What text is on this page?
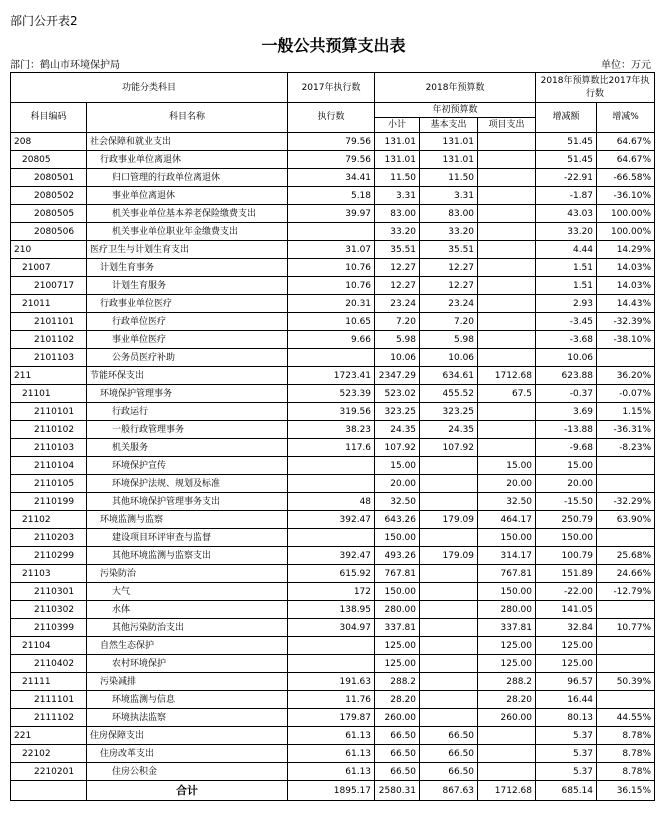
部门公开表2
一般公共预算支出表
部门：鹤山市环境保护局	单位：万元
功能分类科目		2017年执行数	2018年预算数			2018年预算数比2017年执行数	
科目编码	科目名称	执行数	年初预算数			增减额	增减%
			小计	基本支出	项目支出		
208	社会保障和就业支出	79.56	131.01	131.01		51.45	64.67%
20805	行政事业单位离退休	79.56	131.01	131.01		51.45	64.67%
2080501	归口管理的行政单位离退休	34.41	11.50	11.50		-22.91	-66.58%
2080502	事业单位离退休	5.18	3.31	3.31		-1.87	-36.10%
2080505	机关事业单位基本养老保险缴费支出	39.97	83.00	83.00		43.03	100.00%
2080506	机关事业单位职业年金缴费支出		33.20	33.20		33.20	100.00%
210	医疗卫生与计划生育支出	31.07	35.51	35.51		4.44	14.29%
21007	计划生育事务	10.76	12.27	12.27		1.51	14.03%
2100717	计划生育服务	10.76	12.27	12.27		1.51	14.03%
21011	行政事业单位医疗	20.31	23.24	23.24		2.93	14.43%
2101101	行政单位医疗	10.65	7.20	7.20		-3.45	-32.39%
2101102	事业单位医疗	9.66	5.98	5.98		-3.68	-38.10%
2101103	公务员医疗补助		10.06	10.06		10.06	
211	节能环保支出	1723.41	2347.29	634.61	1712.68	623.88	36.20%
21101	环境保护管理事务	523.39	523.02	455.52	67.5	-0.37	-0.07%
2110101	行政运行	319.56	323.25	323.25		3.69	1.15%
2110102	一般行政管理事务	38.23	24.35	24.35		-13.88	-36.31%
2110103	机关服务	117.6	107.92	107.92		-9.68	-8.23%
2110104	环境保护宣传		15.00		15.00	15.00	
2110105	环境保护法规、规划及标准		20.00		20.00	20.00	
2110199	其他环境保护管理事务支出	48	32.50		32.50	-15.50	-32.29%
21102	环境监测与监察	392.47	643.26	179.09	464.17	250.79	63.90%
2110203	建设项目环评审查与监督		150.00		150.00	150.00	
2110299	其他环境监测与监察支出	392.47	493.26	179.09	314.17	100.79	25.68%
21103	污染防治	615.92	767.81		767.81	151.89	24.66%
2110301	大气	172	150.00		150.00	-22.00	-12.79%
2110302	水体	138.95	280.00		280.00	141.05	
2110399	其他污染防治支出	304.97	337.81		337.81	32.84	10.77%
21104	自然生态保护		125.00		125.00	125.00	
2110402	农村环境保护		125.00		125.00	125.00	
21111	污染减排	191.63	288.2		288.2	96.57	50.39%
2111101	环境监测与信息	11.76	28.20		28.20	16.44	
2111102	环境执法监察	179.87	260.00		260.00	80.13	44.55%
221	住房保障支出	61.13	66.50	66.50		5.37	8.78%
22102	住房改革支出	61.13	66.50	66.50		5.37	8.78%
2210201	住房公积金	61.13	66.50	66.50		5.37	8.78%
	合计	1895.17	2580.31	867.63	1712.68	685.14	36.15%
